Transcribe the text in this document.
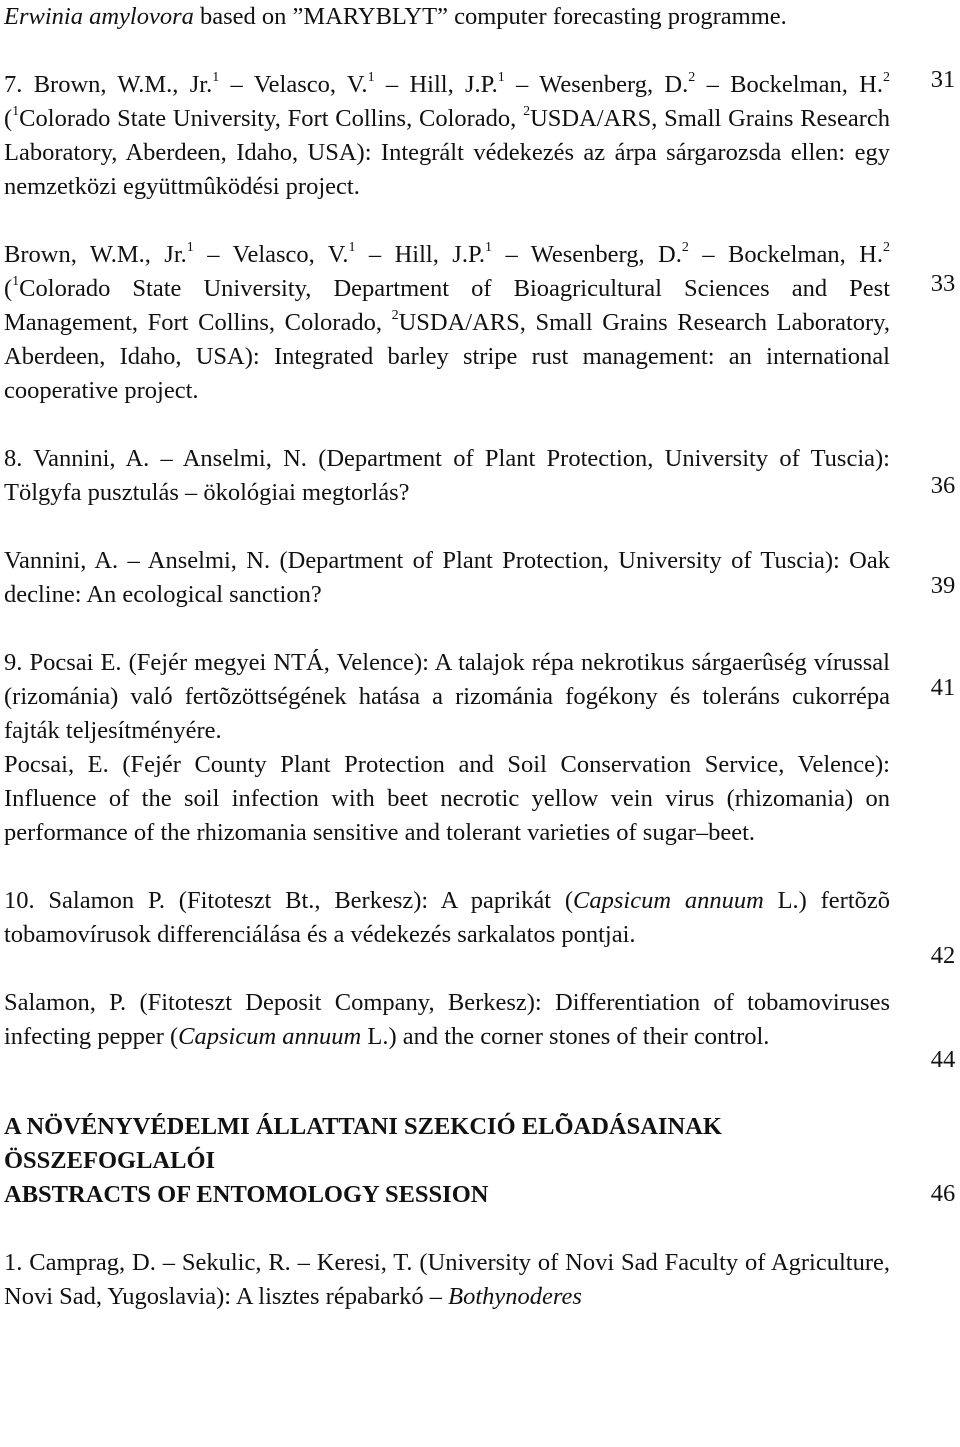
Erwinia amylovora based on ”MARYBLYT” computer forecasting programme.

7. Brown, W.M., Jr.$^1$ – Velasco, V.$^1$ – Hill, J.P.$^1$ – Wesenberg, D.$^2$ – Bockelman, H.$^2$ ($^1$Colorado State University, Fort Collins, Colorado, $^2$USDA/ARS, Small Grains Research Laboratory, Aberdeen, Idaho, USA): Integrált védekezés az árpa sárgarozsda ellen: egy nemzetközi együttmûködési project.

Brown, W.M., Jr.$^1$ – Velasco, V.$^1$ – Hill, J.P.$^1$ – Wesenberg, D.$^2$ – Bockelman, H.$^2$ ($^1$Colorado State University, Department of Bioagricultural Sciences and Pest Management, Fort Collins, Colorado, $^2$USDA/ARS, Small Grains Research Laboratory, Aberdeen, Idaho, USA): Integrated barley stripe rust management: an international cooperative project.

8. Vannini, A. – Anselmi, N. (Department of Plant Protection, University of Tuscia): Tölgyfa pusztulás – ökológiai megtorlás?

Vannini, A. – Anselmi, N. (Department of Plant Protection, University of Tuscia): Oak decline: An ecological sanction?

9. Pocsai E. (Fejér megyei NTÁ, Velence): A talajok répa nekrotikus sárgaerûség vírussal (rizománia) való fertõzöttségének hatása a rizománia fogékony és toleráns cukorrépa fajták teljesítményére.

Pocsai, E. (Fejér County Plant Protection and Soil Conservation Service, Velence): Influence of the soil infection with beet necrotic yellow vein virus (rhizomania) on performance of the rhizomania sensitive and tolerant varieties of sugar–beet.

10. Salamon P. (Fitoteszt Bt., Berkesz): A paprikát (Capsicum annuum L.) fertõzõ tobamovírusok differenciálása és a védekezés sarkalatos pontjai.

Salamon, P. (Fitoteszt Deposit Company, Berkesz): Differentiation of tobamoviruses infecting pepper (Capsicum annuum L.) and the corner stones of their control.

A NÖVÉNYVÉDELMI ÁLLATTANI SZEKCIÓ ELÕADÁSAINAK ÖSSZEFOGLALÓI

ABSTRACTS OF ENTOMOLOGY SESSION

1. Camprag, D. – Sekulic, R. – Keresi, T. (University of Novi Sad Faculty of Agriculture, Novi Sad, Yugoslavia): A lisztes répabarkó – Bothynoderes

31
33
36
39
41
42
44
46
